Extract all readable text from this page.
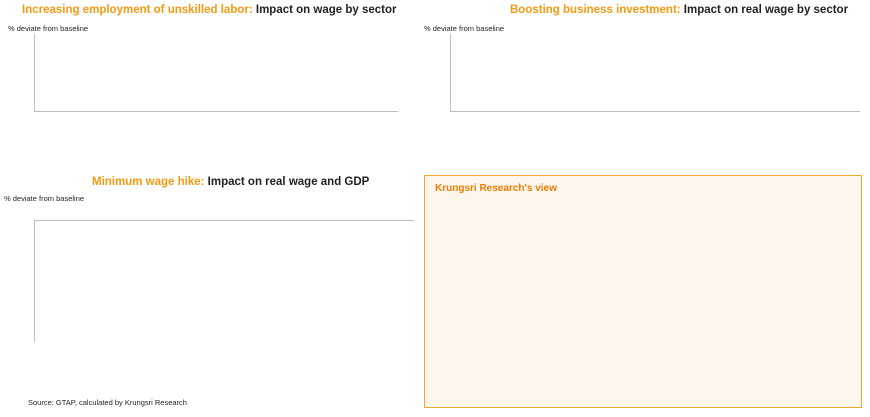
Increasing employment of unskilled labor: Impact on wage by sector
% deviate from baseline
Boosting business investment: Impact on real wage by sector
% deviate from baseline
Minimum wage hike: Impact on real wage and GDP
% deviate from baseline
Source: GTAP, calculated by Krungsri Research
Krungsri Research's view
